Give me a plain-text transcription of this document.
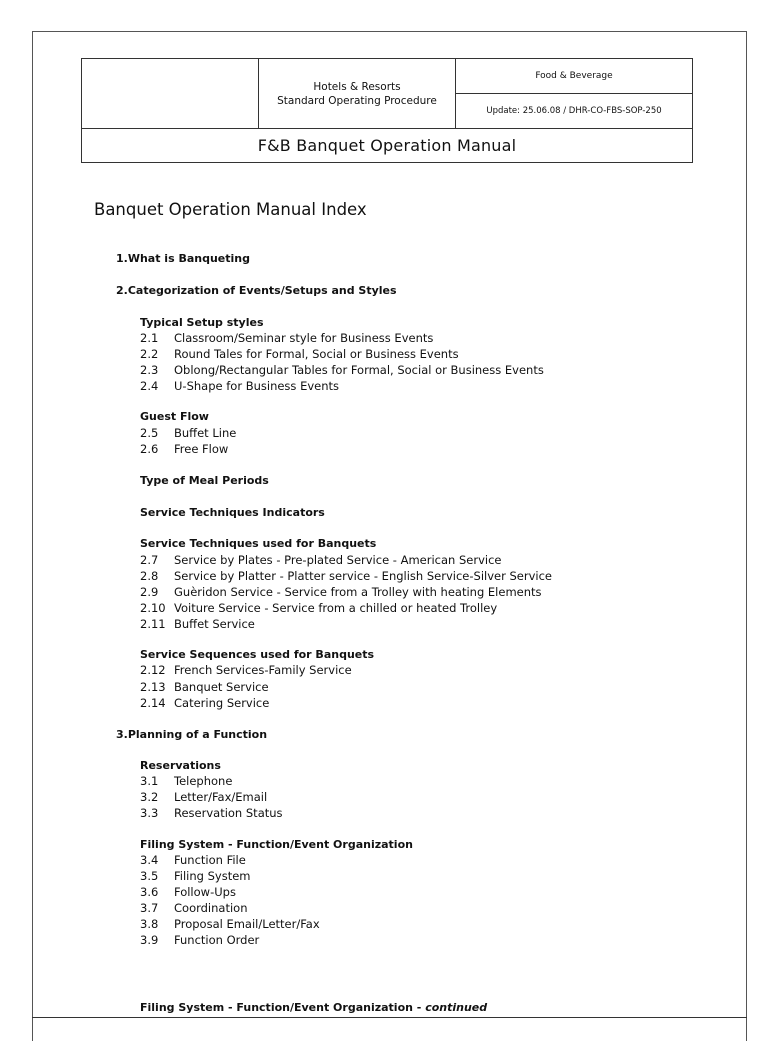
Hotels & Resorts
Standard Operating Procedure
	Food & Beverage
Update: 25.06.08 / DHR-CO-FBS-SOP-250
F&B Banquet Operation Manual
Banquet Operation Manual Index
1.What is Banqueting
2.Categorization of Events/Setups and Styles
Typical Setup styles
2.1 Classroom/Seminar style for Business Events
2.2 Round Tales for Formal, Social or Business Events
2.3 Oblong/Rectangular Tables for Formal, Social or Business Events
2.4 U-Shape for Business Events
Guest Flow
2.5 Buffet Line
2.6 Free Flow
Type of Meal Periods
Service Techniques Indicators
Service Techniques used for Banquets
2.7 Service by Plates - Pre-plated Service - American Service
2.8 Service by Platter - Platter service - English Service-Silver Service
2.9 Guèridon Service - Service from a Trolley with heating Elements
2.10 Voiture Service - Service from a chilled or heated Trolley
2.11 Buffet Service
Service Sequences used for Banquets
2.12 French Services-Family Service
2.13 Banquet Service
2.14 Catering Service
3.Planning of a Function
Reservations
3.1 Telephone
3.2 Letter/Fax/Email
3.3 Reservation Status
Filing System - Function/Event Organization
3.4 Function File
3.5 Filing System
3.6 Follow-Ups
3.7 Coordination
3.8 Proposal Email/Letter/Fax
3.9 Function Order
Filing System - Function/Event Organization - continued
